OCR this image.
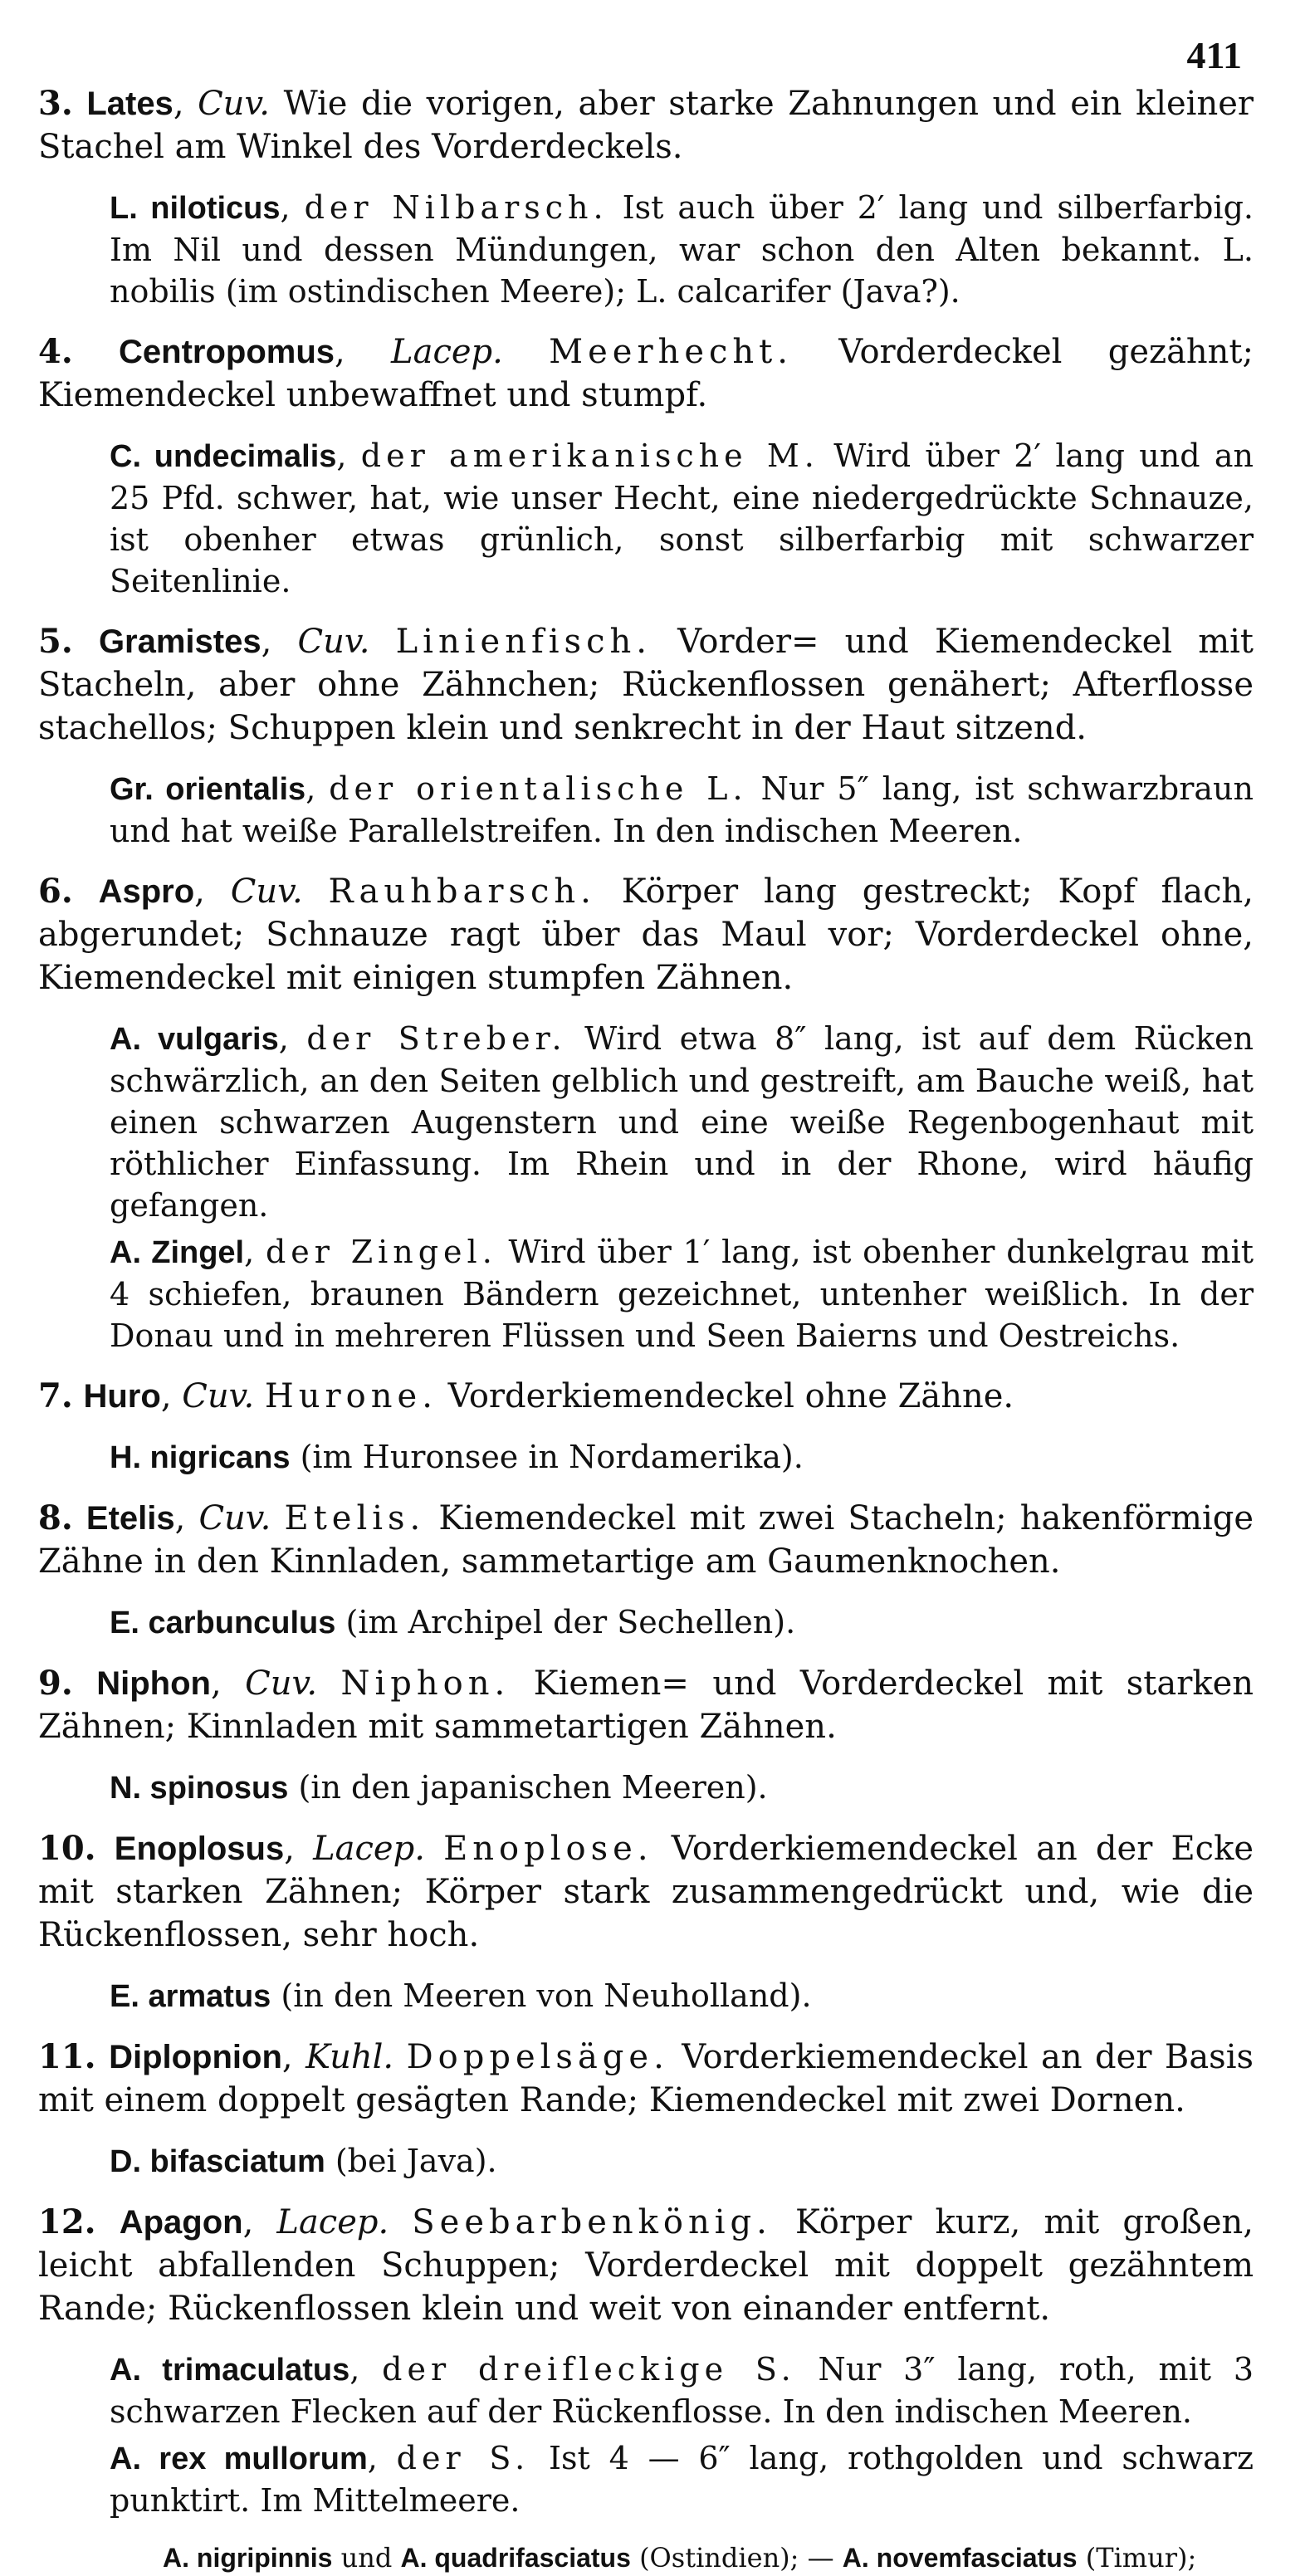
411
3. Lates, Cuv. Wie die vorigen, aber starke Zahnungen und ein kleiner Stachel am Winkel des Vorderdeckels.
L. niloticus, der Nilbarsch. Ist auch über 2′ lang und silberfarbig. Im Nil und dessen Mündungen, war schon den Alten bekannt. L. nobilis (im ostindischen Meere); L. calcarifer (Java?).
4. Centropomus, Lacep. Meerhecht. Vorderdeckel gezähnt; Kiemendeckel unbewaffnet und stumpf.
C. undecimalis, der amerikanische M. Wird über 2′ lang und an 25 Pfd. schwer, hat, wie unser Hecht, eine niedergedrückte Schnauze, ist obenher etwas grünlich, sonst silberfarbig mit schwarzer Seitenlinie.
5. Gramistes, Cuv. Linienfisch. Vorder= und Kiemendeckel mit Stacheln, aber ohne Zähnchen; Rückenflossen genähert; Afterflosse stachellos; Schuppen klein und senkrecht in der Haut sitzend.
Gr. orientalis, der orientalische L. Nur 5″ lang, ist schwarzbraun und hat weiße Parallelstreifen. In den indischen Meeren.
6. Aspro, Cuv. Rauhbarsch. Körper lang gestreckt; Kopf flach, abgerundet; Schnauze ragt über das Maul vor; Vorderdeckel ohne, Kiemendeckel mit einigen stumpfen Zähnen.
A. vulgaris, der Streber. Wird etwa 8″ lang, ist auf dem Rücken schwärzlich, an den Seiten gelblich und gestreift, am Bauche weiß, hat einen schwarzen Augenstern und eine weiße Regenbogenhaut mit röthlicher Einfassung. Im Rhein und in der Rhone, wird häufig gefangen.
A. Zingel, der Zingel. Wird über 1′ lang, ist obenher dunkelgrau mit 4 schiefen, braunen Bändern gezeichnet, untenher weißlich. In der Donau und in mehreren Flüssen und Seen Baierns und Oestreichs.
7. Huro, Cuv. Hurone. Vorderkiemendeckel ohne Zähne.
H. nigricans (im Huronsee in Nordamerika).
8. Etelis, Cuv. Etelis. Kiemendeckel mit zwei Stacheln; hakenförmige Zähne in den Kinnladen, sammetartige am Gaumenknochen.
E. carbunculus (im Archipel der Sechellen).
9. Niphon, Cuv. Niphon. Kiemen= und Vorderdeckel mit starken Zähnen; Kinnladen mit sammetartigen Zähnen.
N. spinosus (in den japanischen Meeren).
10. Enoplosus, Lacep. Enoplose. Vorderkiemendeckel an der Ecke mit starken Zähnen; Körper stark zusammengedrückt und, wie die Rückenflossen, sehr hoch.
E. armatus (in den Meeren von Neuholland).
11. Diplopnion, Kuhl. Doppelsäge. Vorderkiemendeckel an der Basis mit einem doppelt gesägten Rande; Kiemendeckel mit zwei Dornen.
D. bifasciatum (bei Java).
12. Apagon, Lacep. Seebarbenkönig. Körper kurz, mit großen, leicht abfallenden Schuppen; Vorderdeckel mit doppelt gezähntem Rande; Rückenflossen klein und weit von einander entfernt.
A. trimaculatus, der dreifleckige S. Nur 3″ lang, roth, mit 3 schwarzen Flecken auf der Rückenflosse. In den indischen Meeren.
A. rex mullorum, der S. Ist 4 — 6″ lang, rothgolden und schwarz punktirt. Im Mittelmeere.
A. nigripinnis und A. quadrifasciatus (Ostindien); — A. novemfasciatus (Timur);
